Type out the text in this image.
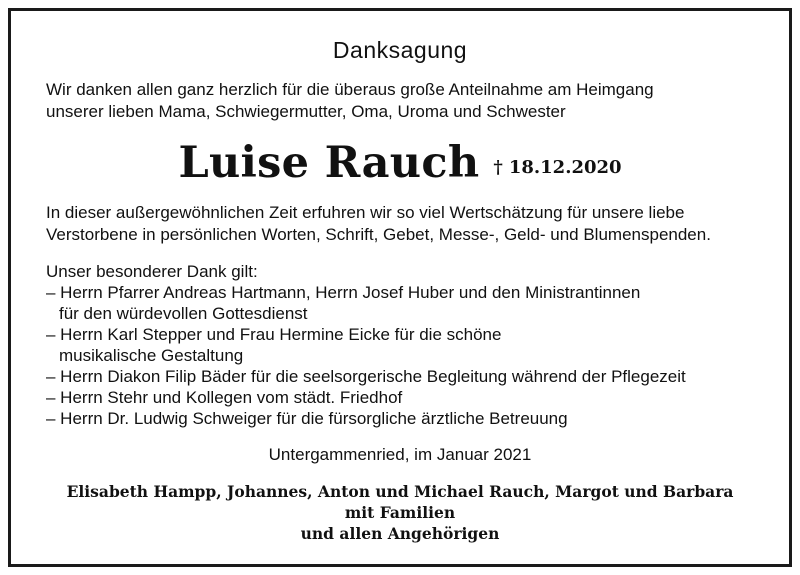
Danksagung
Wir danken allen ganz herzlich für die überaus große Anteilnahme am Heimgang
unserer lieben Mama, Schwiegermutter, Oma, Uroma und Schwester
Luise Rauch † 18.12.2020
In dieser außergewöhnlichen Zeit erfuhren wir so viel Wertschätzung für unsere liebe
Verstorbene in persönlichen Worten, Schrift, Gebet, Messe-, Geld- und Blumenspenden.
Unser besonderer Dank gilt:
– Herrn Pfarrer Andreas Hartmann, Herrn Josef Huber und den Ministrantinnen
für den würdevollen Gottesdienst
– Herrn Karl Stepper und Frau Hermine Eicke für die schöne
musikalische Gestaltung
– Herrn Diakon Filip Bäder für die seelsorgerische Begleitung während der Pflegezeit
– Herrn Stehr und Kollegen vom städt. Friedhof
– Herrn Dr. Ludwig Schweiger für die fürsorgliche ärztliche Betreuung
Untergammenried, im Januar 2021
Elisabeth Hampp, Johannes, Anton und Michael Rauch, Margot und Barbara
mit Familien
und allen Angehörigen
